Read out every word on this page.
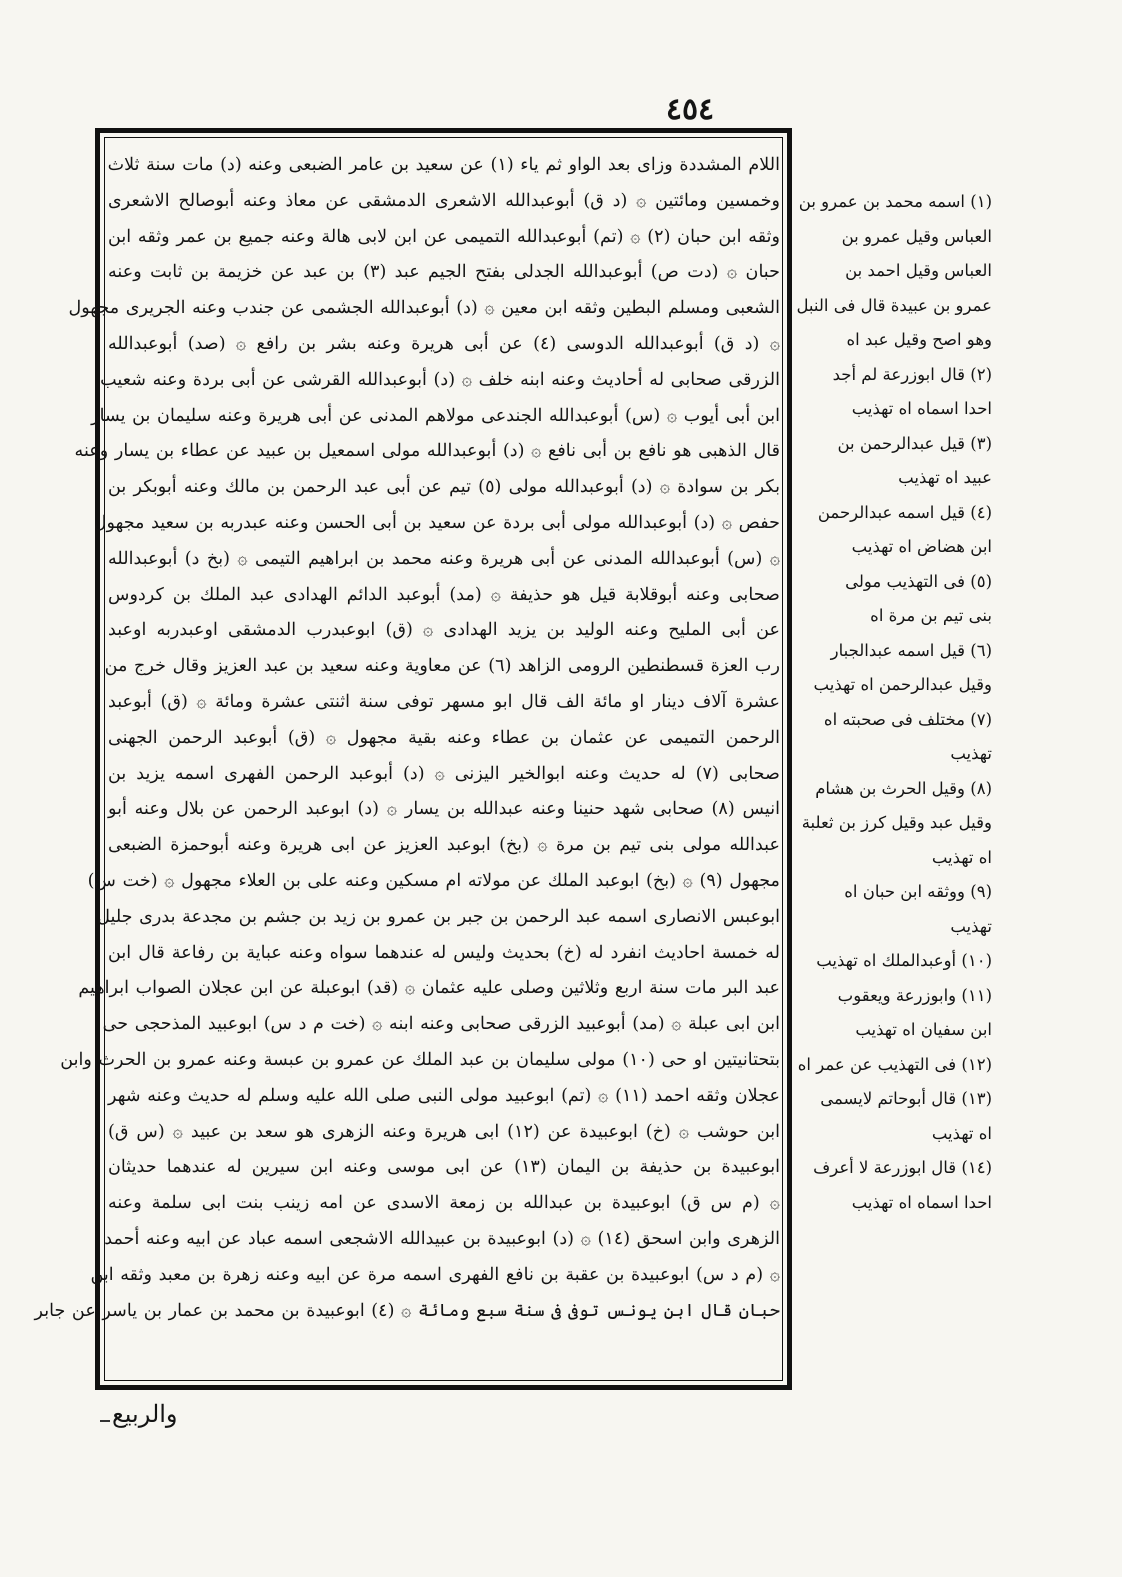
٤٥٤
اللام المشددة وزاى بعد الواو ثم ياء (١) عن سعيد بن عامر الضبعى وعنه (د) مات سنة ثلاث
وخمسين ومائتين ۞ (د ق) أبوعبدالله الاشعرى الدمشقى عن معاذ وعنه أبوصالح الاشعرى
وثقه ابن حبان (٢) ۞ (تم) أبوعبدالله التميمى عن ابن لابى هالة وعنه جميع بن عمر وثقه ابن
حبان ۞ (دت ص) أبوعبدالله الجدلى بفتح الجيم عبد (٣) بن عبد عن خزيمة بن ثابت وعنه
الشعبى ومسلم البطين وثقه ابن معين ۞ (د) أبوعبدالله الجشمى عن جندب وعنه الجريرى مجهول
۞ (د ق) أبوعبدالله الدوسى (٤) عن أبى هريرة وعنه بشر بن رافع ۞ (صد) أبوعبدالله
الزرقى صحابى له أحاديث وعنه ابنه خلف ۞ (د) أبوعبدالله القرشى عن أبى بردة وعنه شعيب
ابن أبى أيوب ۞ (س) أبوعبدالله الجندعى مولاهم المدنى عن أبى هريرة وعنه سليمان بن يسار
قال الذهبى هو نافع بن أبى نافع ۞ (د) أبوعبدالله مولى اسمعيل بن عبيد عن عطاء بن يسار وعنه
بكر بن سوادة ۞ (د) أبوعبدالله مولى (٥) تيم عن أبى عبد الرحمن بن مالك وعنه أبوبكر بن
حفص ۞ (د) أبوعبدالله مولى أبى بردة عن سعيد بن أبى الحسن وعنه عبدربه بن سعيد مجهول
۞ (س) أبوعبدالله المدنى عن أبى هريرة وعنه محمد بن ابراهيم التيمى ۞ (بخ د) أبوعبدالله
صحابى وعنه أبوقلابة قيل هو حذيفة ۞ (مد) أبوعبد الدائم الهدادى عبد الملك بن كردوس
عن أبى المليح وعنه الوليد بن يزيد الهدادى ۞ (ق) ابوعبدرب الدمشقى اوعبدربه اوعبد
رب العزة قسطنطين الرومى الزاهد (٦) عن معاوية وعنه سعيد بن عبد العزيز وقال خرج من
عشرة آلاف دينار او مائة الف قال ابو مسهر توفى سنة اثنتى عشرة ومائة ۞ (ق) أبوعبد
الرحمن التميمى عن عثمان بن عطاء وعنه بقية مجهول ۞ (ق) أبوعبد الرحمن الجهنى
صحابى (٧) له حديث وعنه ابوالخير اليزنى ۞ (د) أبوعبد الرحمن الفهرى اسمه يزيد بن
انيس (٨) صحابى شهد حنينا وعنه عبدالله بن يسار ۞ (د) ابوعبد الرحمن عن بلال وعنه أبو
عبدالله مولى بنى تيم بن مرة ۞ (بخ) ابوعبد العزيز عن ابى هريرة وعنه أبوحمزة الضبعى
مجهول (٩) ۞ (بخ) ابوعبد الملك عن مولاته ام مسكين وعنه على بن العلاء مجهول ۞ (خت س)
ابوعبس الانصارى اسمه عبد الرحمن بن جبر بن عمرو بن زيد بن جشم بن مجدعة بدرى جليل
له خمسة احاديث انفرد له (خ) بحديث وليس له عندهما سواه وعنه عباية بن رفاعة قال ابن
عبد البر مات سنة اربع وثلاثين وصلى عليه عثمان ۞ (قد) ابوعبلة عن ابن عجلان الصواب ابراهيم
ابن ابى عبلة ۞ (مد) أبوعبيد الزرقى صحابى وعنه ابنه ۞ (خت م د س) ابوعبيد المذحجى حى
بتحتانيتين او حى (١٠) مولى سليمان بن عبد الملك عن عمرو بن عبسة وعنه عمرو بن الحرث وابن
عجلان وثقه احمد (١١) ۞ (تم) ابوعبيد مولى النبى صلى الله عليه وسلم له حديث وعنه شهر
ابن حوشب ۞ (خ) ابوعبيدة عن (١٢) ابى هريرة وعنه الزهرى هو سعد بن عبيد ۞ (س ق)
ابوعبيدة بن حذيفة بن اليمان (١٣) عن ابى موسى وعنه ابن سيرين له عندهما حديثان
۞ (م س ق) ابوعبيدة بن عبدالله بن زمعة الاسدى عن امه زينب بنت ابى سلمة وعنه
الزهرى وابن اسحق (١٤) ۞ (د) ابوعبيدة بن عبيدالله الاشجعى اسمه عباد عن ابيه وعنه أحمد
۞ (م د س) ابوعبيدة بن عقبة بن نافع الفهرى اسمه مرة عن ابيه وعنه زهرة بن معبد وثقه ابن
حبان قال ابن يونس توفى فى سنة سبع ومائة ۞ (٤) ابوعبيدة بن محمد بن عمار بن ياسر عن جابر
(١) اسمه محمد بن عمرو بن
العباس وقيل عمرو بن
العباس وقيل احمد بن
عمرو بن عبيدة قال فى النبل
وهو اصح وقيل عبد اه
(٢) قال ابوزرعة لم أجد
احدا اسماه اه تهذيب
(٣) قيل عبدالرحمن بن
عبيد اه تهذيب
(٤) قيل اسمه عبدالرحمن
ابن هضاض اه تهذيب
(٥) فى التهذيب مولى
بنى تيم بن مرة اه
(٦) قيل اسمه عبدالجبار
وقيل عبدالرحمن اه تهذيب
(٧) مختلف فى صحبته اه
تهذيب
(٨) وقيل الحرث بن هشام
وقيل عبد وقيل كرز بن ثعلبة
اه تهذيب
(٩) ووثقه ابن حبان اه
تهذيب
(١٠) أوعبدالملك اه تهذيب
(١١) وابوزرعة ويعقوب
ابن سفيان اه تهذيب
(١٢) فى التهذيب عن عمر اه
(١٣) قال أبوحاتم لايسمى
اه تهذيب
(١٤) قال ابوزرعة لا أعرف
احدا اسماه اه تهذيب
والربيع
